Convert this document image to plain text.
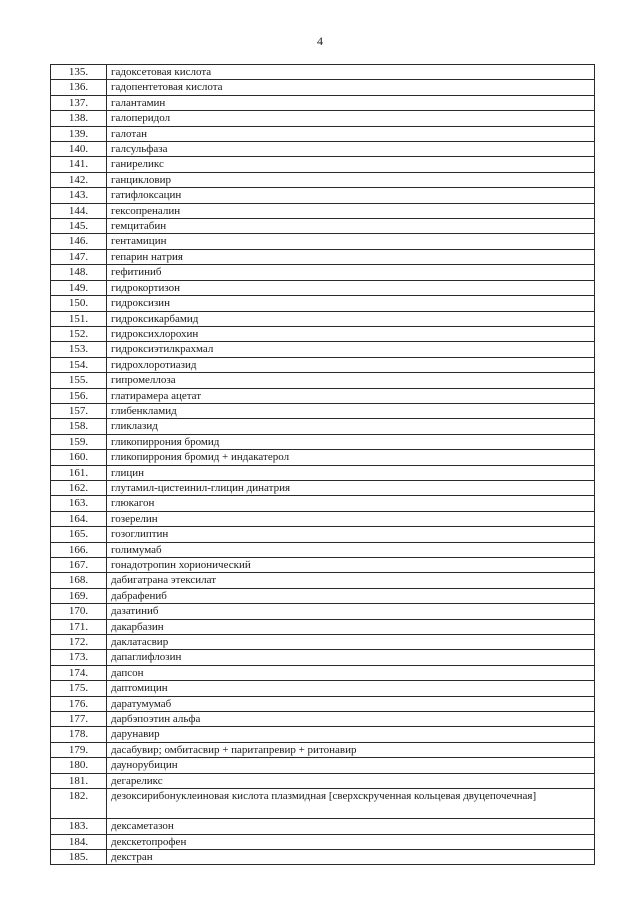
4
135.	гадоксетовая кислота
136.	гадопентетовая кислота
137.	галантамин
138.	галоперидол
139.	галотан
140.	галсульфаза
141.	ганиреликс
142.	ганцикловир
143.	гатифлоксацин
144.	гексопреналин
145.	гемцитабин
146.	гентамицин
147.	гепарин натрия
148.	гефитиниб
149.	гидрокортизон
150.	гидроксизин
151.	гидроксикарбамид
152.	гидроксихлорохин
153.	гидроксиэтилкрахмал
154.	гидрохлоротиазид
155.	гипромеллоза
156.	глатирамера ацетат
157.	глибенкламид
158.	гликлазид
159.	гликопиррония бромид
160.	гликопиррония бромид + индакатерол
161.	глицин
162.	глутамил-цистеинил-глицин динатрия
163.	глюкагон
164.	гозерелин
165.	гозоглиптин
166.	голимумаб
167.	гонадотропин хорионический
168.	дабигатрана этексилат
169.	дабрафениб
170.	дазатиниб
171.	дакарбазин
172.	даклатасвир
173.	дапаглифлозин
174.	дапсон
175.	даптомицин
176.	даратумумаб
177.	дарбэпоэтин альфа
178.	дарунавир
179.	дасабувир; омбитасвир + паритапревир + ритонавир
180.	даунорубицин
181.	дегареликс
182.	дезоксирибонуклеиновая кислота плазмидная [сверхскрученная кольцевая двуцепочечная]
183.	дексаметазон
184.	декскетопрофен
185.	декстран
